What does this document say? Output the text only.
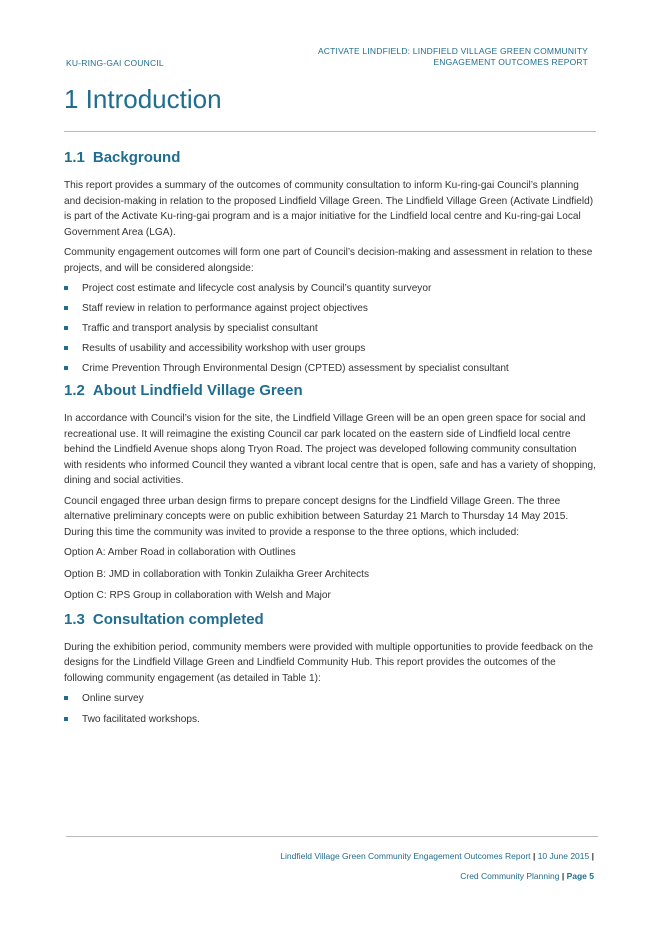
KU-RING-GAI COUNCIL
ACTIVATE LINDFIELD: LINDFIELD VILLAGE GREEN COMMUNITY
ENGAGEMENT OUTCOMES REPORT
1 Introduction
1.1 Background

This report provides a summary of the outcomes of community consultation to inform Ku-ring-gai Council’s planning and decision-making in relation to the proposed Lindfield Village Green. The Lindfield Village Green (Activate Lindfield) is part of the Activate Ku-ring-gai program and is a major initiative for the Lindfield local centre and Ku-ring-gai Local Government Area (LGA).

Community engagement outcomes will form one part of Council’s decision-making and assessment in relation to these projects, and will be considered alongside:

Project cost estimate and lifecycle cost analysis by Council’s quantity surveyor
Staff review in relation to performance against project objectives
Traffic and transport analysis by specialist consultant
Results of usability and accessibility workshop with user groups
Crime Prevention Through Environmental Design (CPTED) assessment by specialist consultant
1.2 About Lindfield Village Green

In accordance with Council’s vision for the site, the Lindfield Village Green will be an open green space for social and recreational use. It will reimagine the existing Council car park located on the eastern side of Lindfield local centre behind the Lindfield Avenue shops along Tryon Road. The project was developed following community consultation with residents who informed Council they wanted a vibrant local centre that is open, safe and has a variety of shopping, dining and social activities.

Council engaged three urban design firms to prepare concept designs for the Lindfield Village Green. The three alternative preliminary concepts were on public exhibition between Saturday 21 March to Thursday 14 May 2015. During this time the community was invited to provide a response to the three options, which included:

Option A: Amber Road in collaboration with Outlines

Option B: JMD in collaboration with Tonkin Zulaikha Greer Architects

Option C: RPS Group in collaboration with Welsh and Major

1.3 Consultation completed

During the exhibition period, community members were provided with multiple opportunities to provide feedback on the designs for the Lindfield Village Green and Lindfield Community Hub. This report provides the outcomes of the following community engagement (as detailed in Table 1):

Online survey
Two facilitated workshops.
Lindfield Village Green Community Engagement Outcomes Report | 10 June 2015 |
Cred Community Planning | Page 5
